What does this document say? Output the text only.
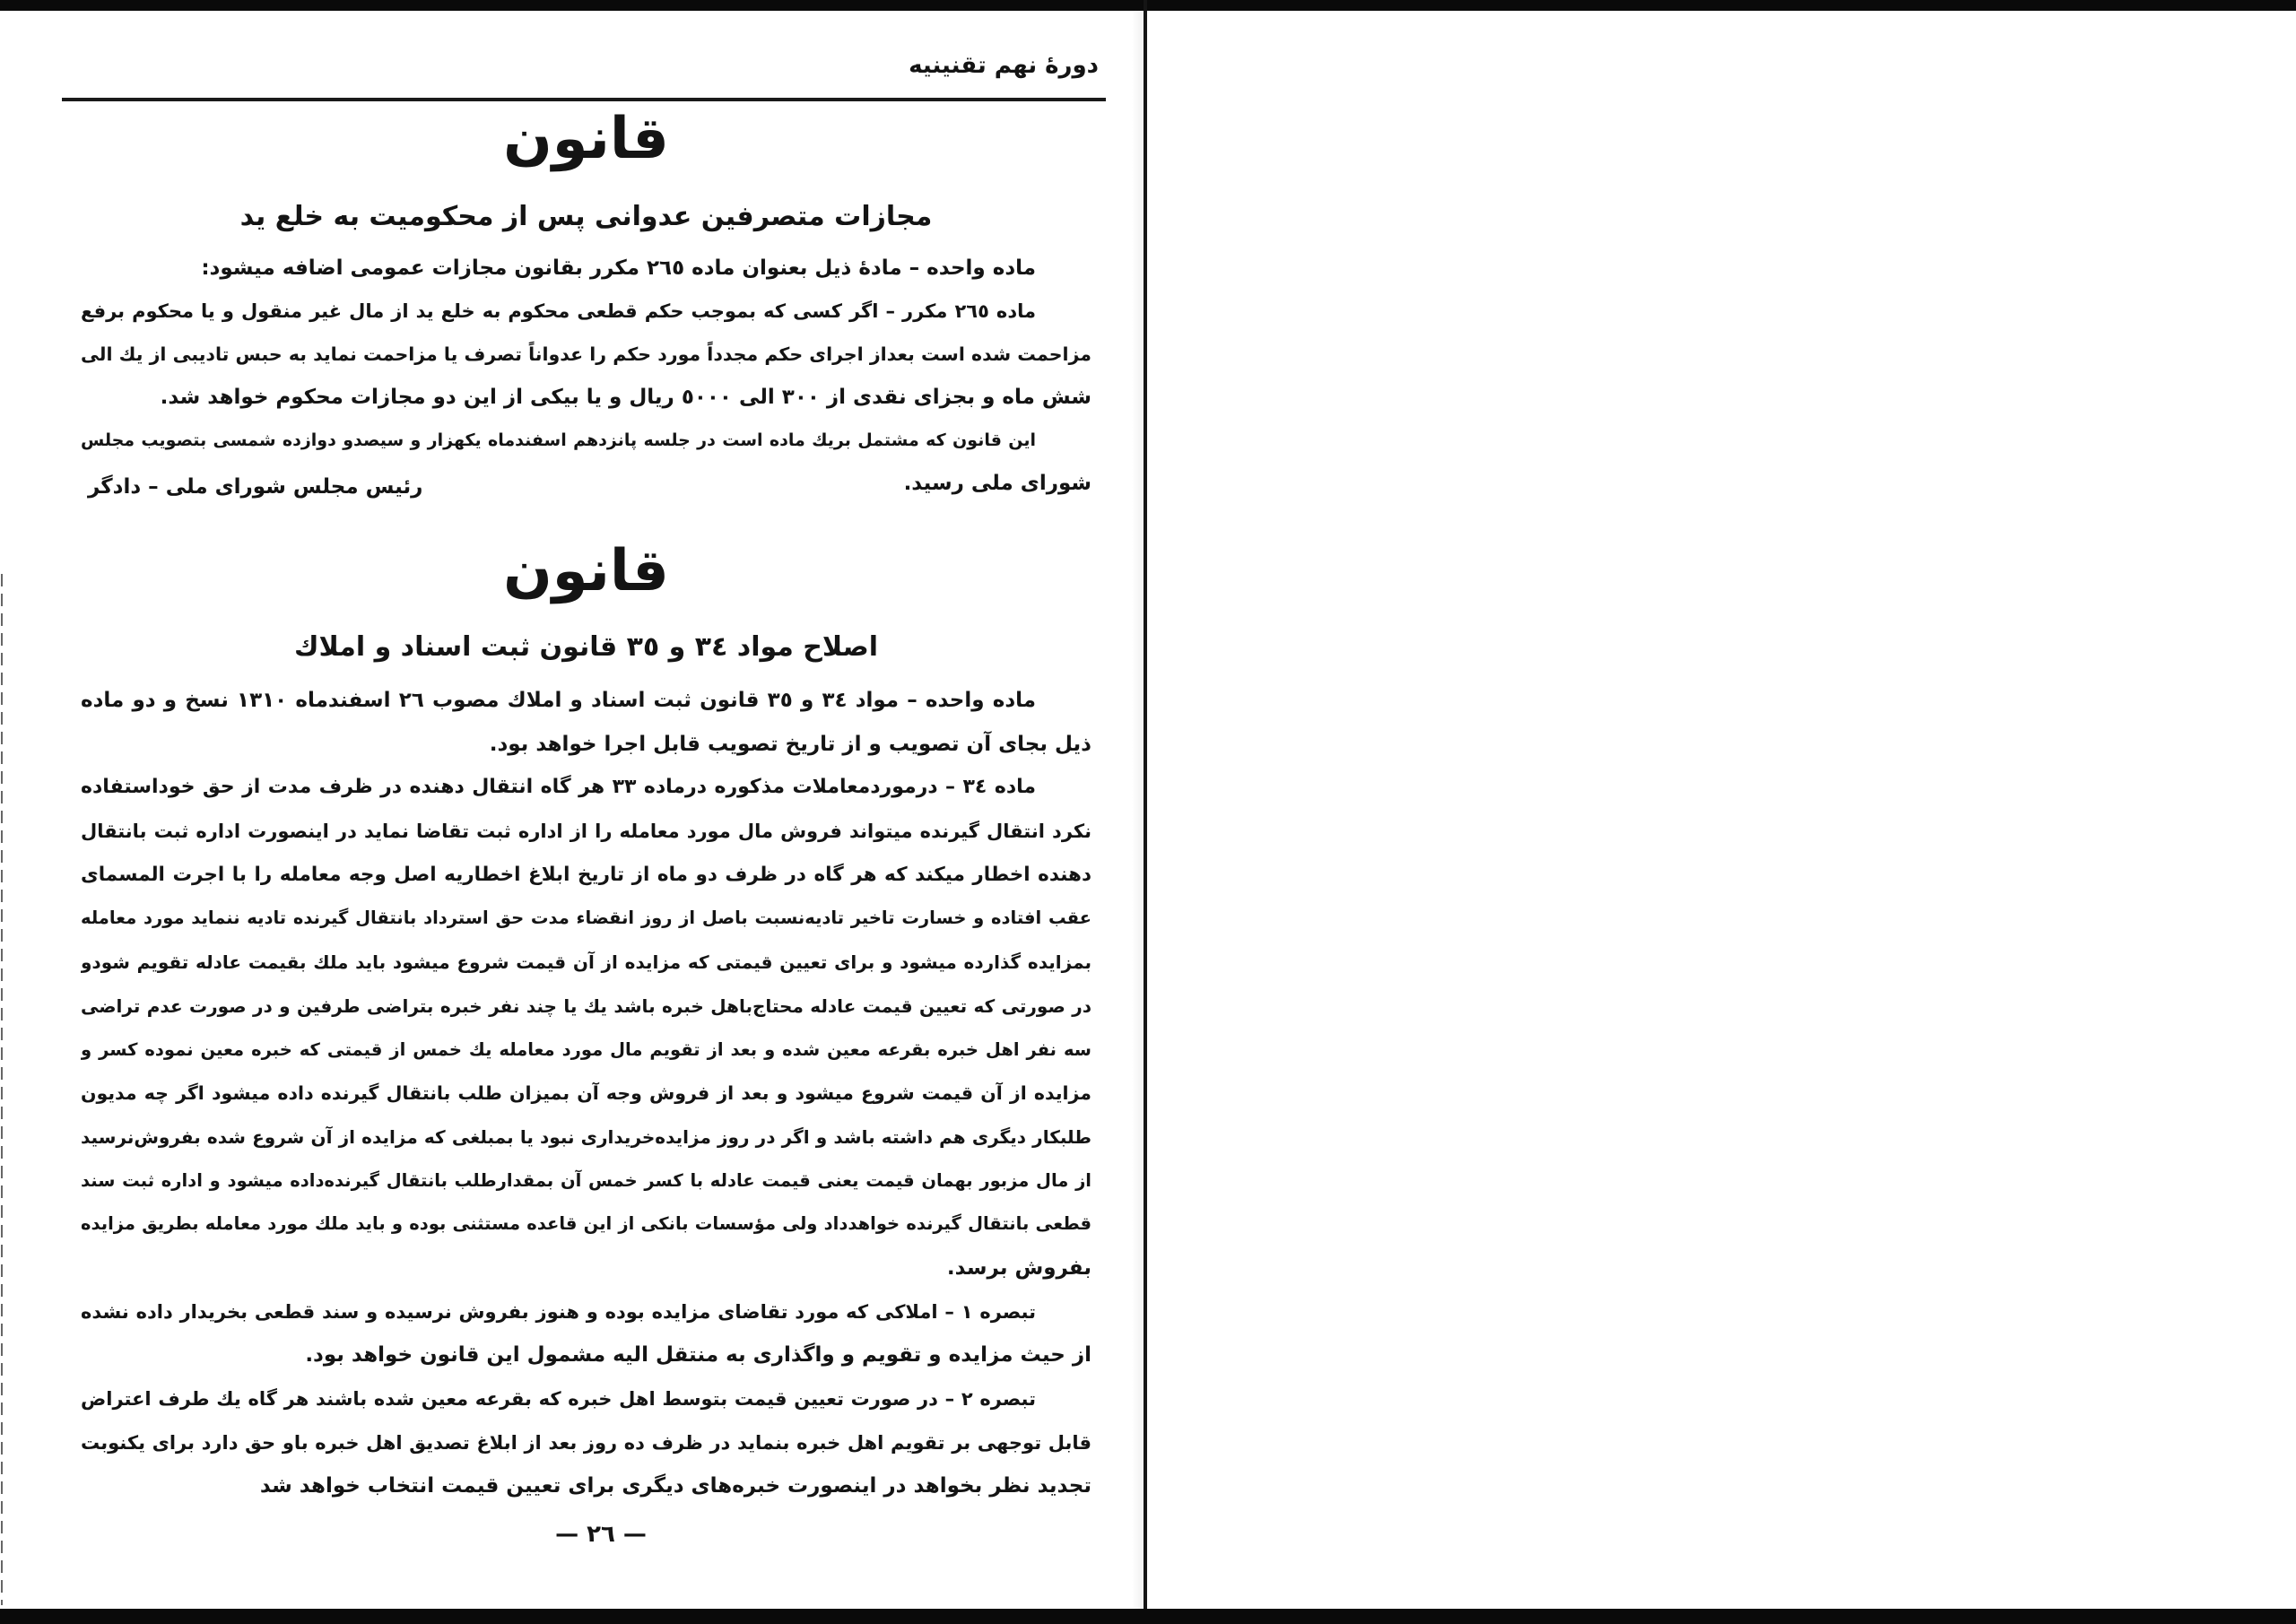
دورهٔ نهم تقنینیه
قانون
مجازات متصرفین عدوانی پس از محکومیت به خلع ید
ماده واحده – مادهٔ ذیل بعنوان ماده ٢٦٥ مکرر بقانون مجازات عمومی اضافه میشود:
ماده ٢٦٥ مکرر – اگر کسی که بموجب حکم قطعی محکوم به خلع ید از مال غیر منقول و یا محکوم برفع
مزاحمت شده است بعداز اجرای حکم مجدداً مورد حکم را عدواناً تصرف یا مزاحمت نماید به حبس تادیبی از یك الی
شش ماه و بجزای نقدی از ٣٠٠ الی ٥٠٠٠ ریال و یا بیکی از این دو مجازات محکوم خواهد شد.
این قانون که مشتمل بریك ماده است در جلسه پانزدهم اسفندماه یکهزار و سیصدو دوازده شمسی بتصویب مجلس
شورای ملی رسید.
رئیس مجلس شورای ملی – دادگر
قانون
اصلاح مواد ٣٤ و ٣٥ قانون ثبت اسناد و املاك
ماده واحده – مواد ٣٤ و ٣٥ قانون ثبت اسناد و املاك مصوب ٢٦ اسفندماه ١٣١٠ نسخ و دو ماده
ذیل بجای آن تصویب و از تاریخ تصویب قابل اجرا خواهد بود.
ماده ٣٤ – درموردمعاملات مذکوره درماده ٣٣ هر گاه انتقال دهنده در ظرف مدت از حق خوداستفاده
نکرد انتقال گیرنده میتواند فروش مال مورد معامله را از اداره ثبت تقاضا نماید در اینصورت اداره ثبت بانتقال
دهنده اخطار میکند که هر گاه در ظرف دو ماه از تاریخ ابلاغ اخطاریه اصل وجه معامله را با اجرت المسمای
عقب افتاده و خسارت تاخیر تادیه‌نسبت باصل از روز انقضاء مدت حق استرداد بانتقال گیرنده تادیه ننماید مورد معامله
بمزایده گذارده میشود و برای تعیین قیمتی که مزایده از آن قیمت شروع میشود باید ملك بقیمت عادله تقویم شودو
در صورتی که تعیین قیمت عادله محتاج‌باهل خبره باشد یك یا چند نفر خبره بتراضی طرفین و در صورت عدم تراضی
سه نفر اهل خبره بقرعه معین شده و بعد از تقویم مال مورد معامله یك خمس از قیمتی که خبره معین نموده کسر و
مزایده از آن قیمت شروع میشود و بعد از فروش وجه آن بمیزان طلب بانتقال گیرنده داده میشود اگر چه مدیون
طلبکار دیگری هم داشته باشد و اگر در روز مزایده‌خریداری نبود یا بمبلغی که مزایده از آن شروع شده بفروش‌نرسید
از مال مزبور بهمان قیمت یعنی قیمت عادله با کسر خمس آن بمقدارطلب بانتقال گیرنده‌داده میشود و اداره ثبت سند
قطعی بانتقال گیرنده خواهدداد ولی مؤسسات بانکی از این قاعده مستثنی بوده و باید ملك مورد معامله بطریق مزایده
بفروش برسد.
تبصره ١ – املاکی که مورد تقاضای مزایده بوده و هنوز بفروش نرسیده و سند قطعی بخریدار داده نشده
از حیث مزایده و تقویم و واگذاری به منتقل الیه مشمول این قانون خواهد بود.
تبصره ٢ – در صورت تعیین قیمت بتوسط اهل خبره که بقرعه معین شده باشند هر گاه یك طرف اعتراض
قابل توجهی بر تقویم اهل خبره بنماید در ظرف ده روز بعد از ابلاغ تصدیق اهل خبره باو حق دارد برای یکنوبت
تجدید نظر بخواهد در اینصورت خبره‌های دیگری برای تعیین قیمت انتخاب خواهد شد
— ٢٦ —
